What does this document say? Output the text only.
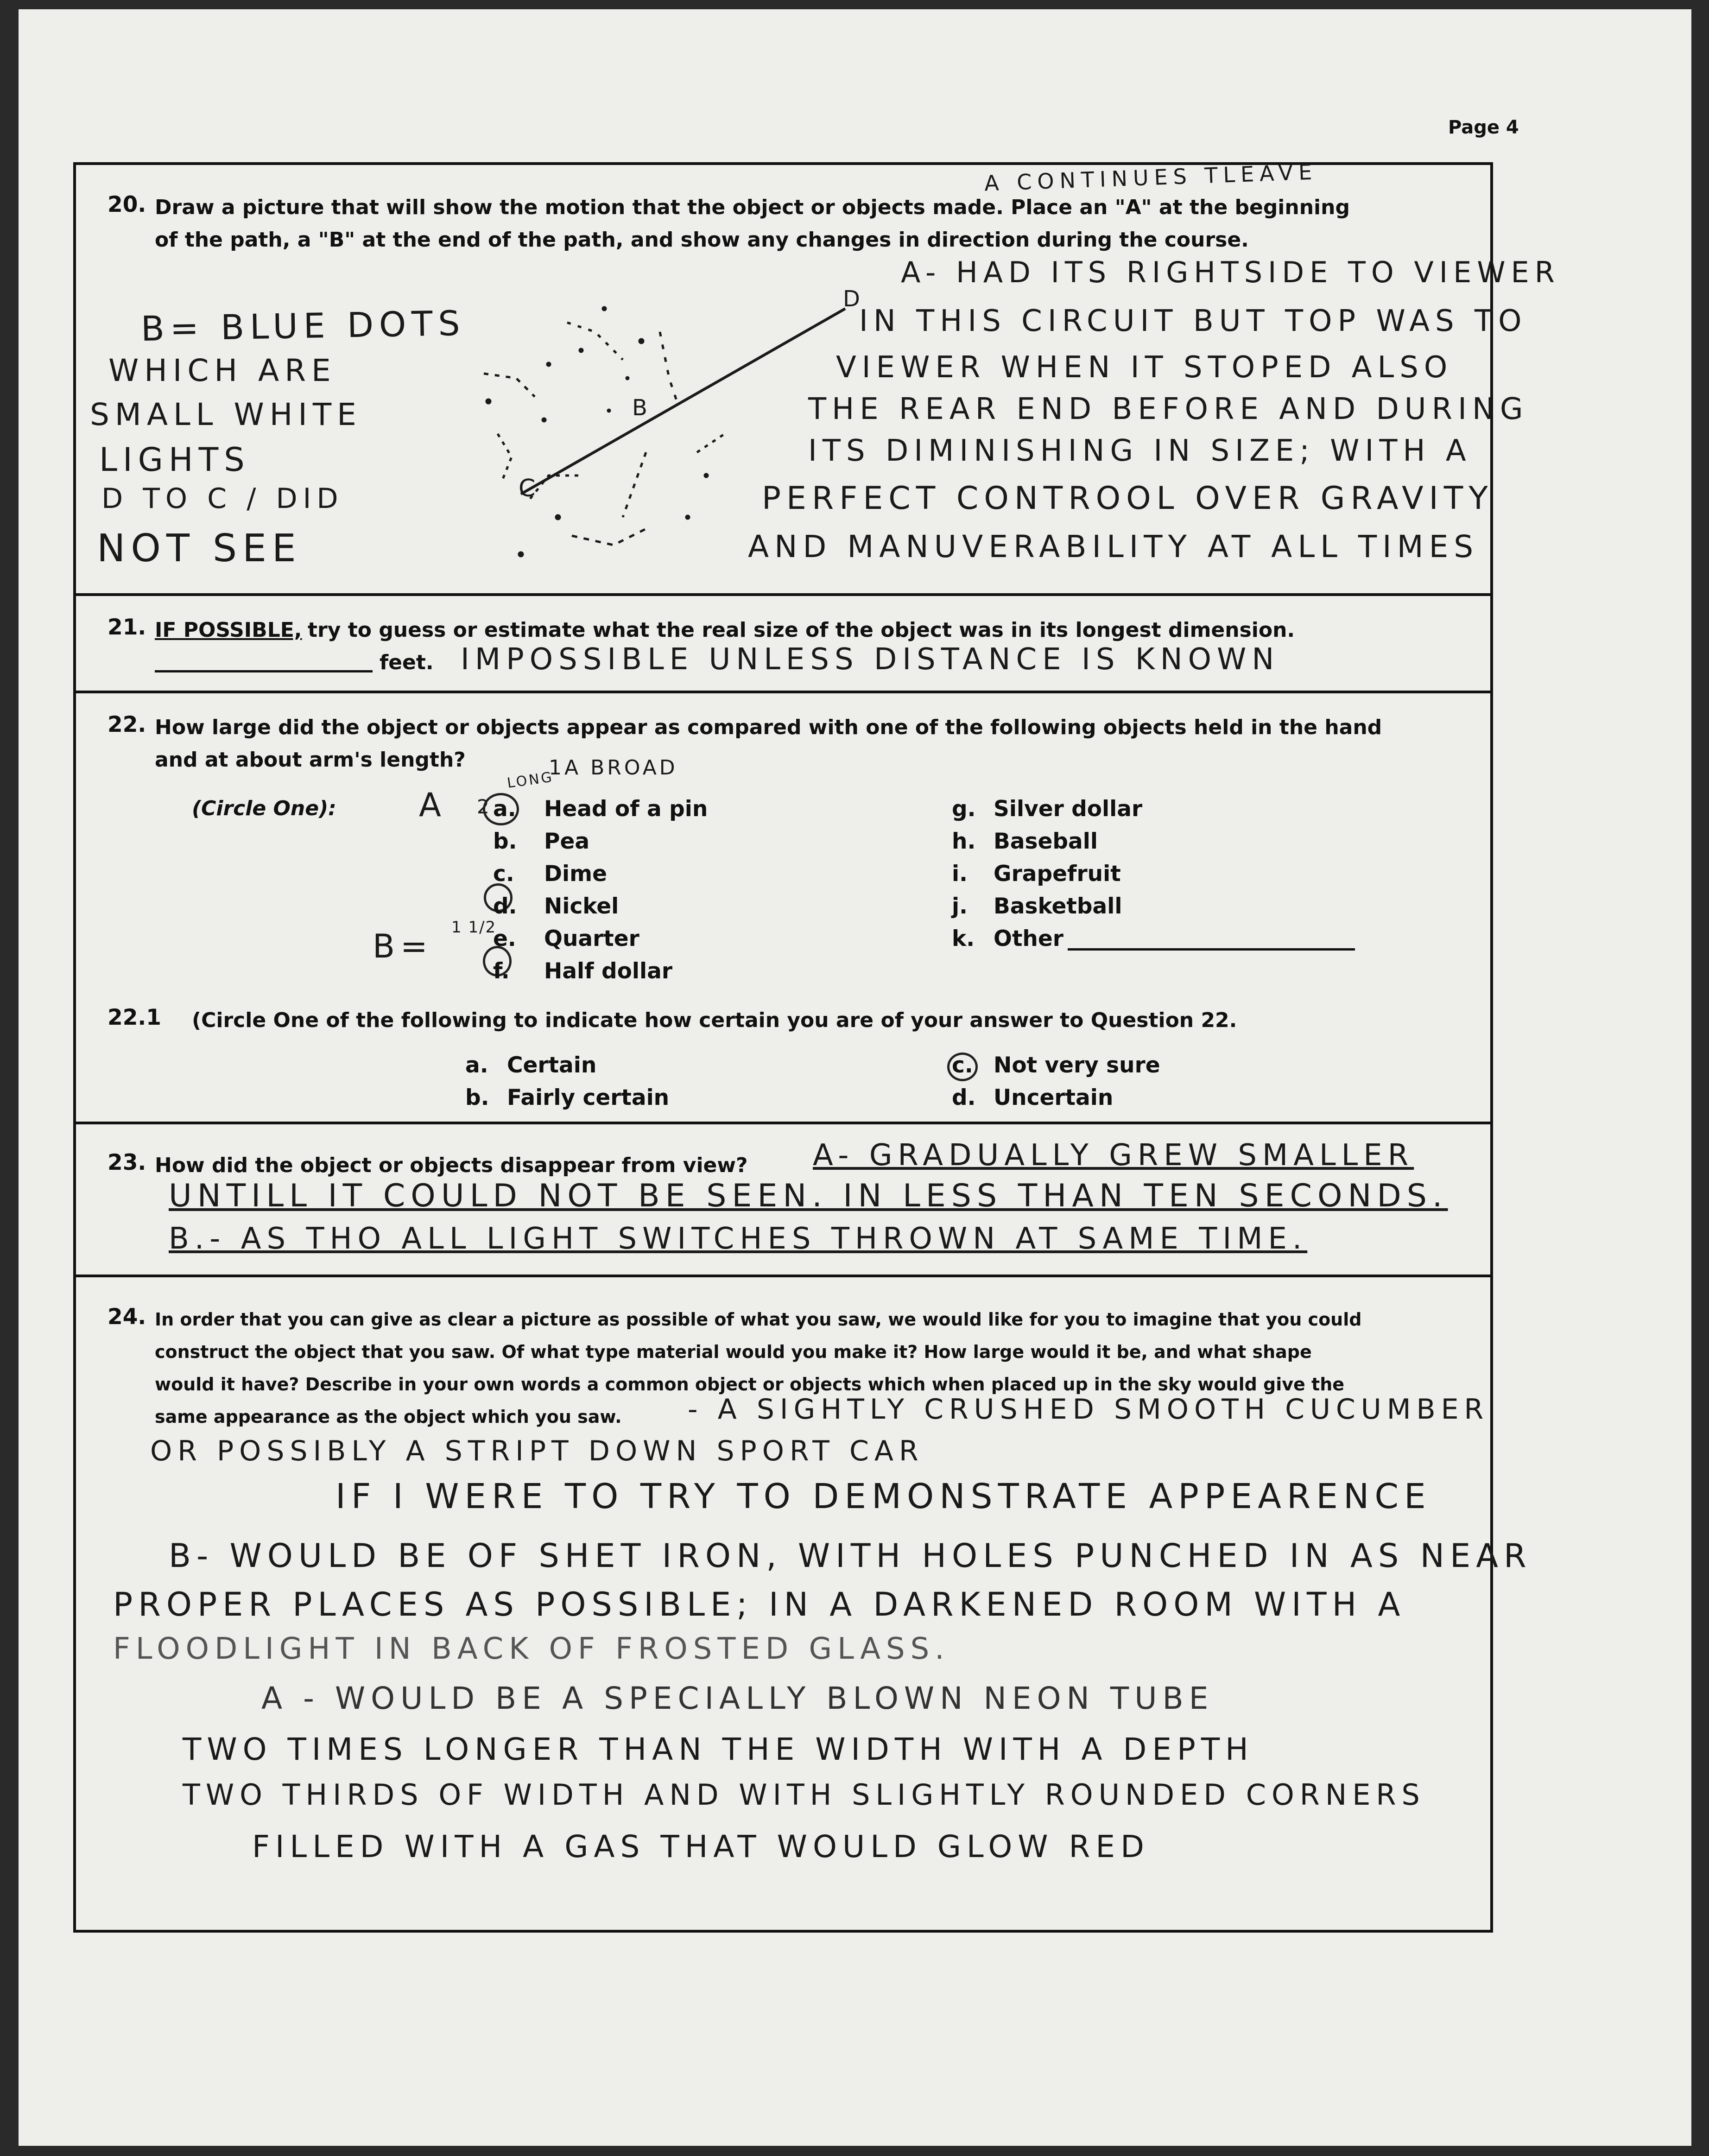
Page 4
20. Draw a picture that will show the motion that the object or objects made. Place an "A" at the beginning
of the path, a "B" at the end of the path, and show any changes in direction during the course.
A CONTINUES TLEAVE
B= BLUE DOTS
WHICH ARE
SMALL WHITE
LIGHTS
D TO C / DID
NOT SEE
D
B
C
A- HAD ITS RIGHTSIDE TO VIEWER
IN THIS CIRCUIT BUT TOP WAS TO
VIEWER WHEN IT STOPED ALSO
THE REAR END BEFORE AND DURING
ITS DIMINISHING IN SIZE; WITH A
PERFECT CONTROOL OVER GRAVITY
AND MANUVERABILITY AT ALL TIMES
21. IF POSSIBLE, try to guess or estimate what the real size of the object was in its longest dimension.
feet. IMPOSSIBLE UNLESS DISTANCE IS KNOWN
22. How large did the object or objects appear as compared with one of the following objects held in the hand
and at about arm's length?
(Circle One):	A
LONG
1A BROAD
2
B= 1 1/2
a. Head of a pin
b. Pea
c. Dime
d. Nickel
e. Quarter
f. Half dollar
g. Silver dollar
h. Baseball
i. Grapefruit
j. Basketball
k. Other
22.1 (Circle One of the following to indicate how certain you are of your answer to Question 22.
a. Certain
b. Fairly certain
c. Not very sure
d. Uncertain
23. How did the object or objects disappear from view? A- GRADUALLY GREW SMALLER
UNTILL IT COULD NOT BE SEEN. IN LESS THAN TEN SECONDS.
B.- AS THO ALL LIGHT SWITCHES THROWN AT SAME TIME.
24. In order that you can give as clear a picture as possible of what you saw, we would like for you to imagine that you could
construct the object that you saw. Of what type material would you make it? How large would it be, and what shape
would it have? Describe in your own words a common object or objects which when placed up in the sky would give the
same appearance as the object which you saw. - A SIGHTLY CRUSHED SMOOTH CUCUMBER
OR POSSIBLY A STRIPT DOWN SPORT CAR
IF I WERE TO TRY TO DEMONSTRATE APPEARENCE
B- WOULD BE OF SHET IRON, WITH HOLES PUNCHED IN AS NEAR
PROPER PLACES AS POSSIBLE; IN A DARKENED ROOM WITH A
FLOODLIGHT IN BACK OF FROSTED GLASS.
A - WOULD BE A SPECIALLY BLOWN NEON TUBE
TWO TIMES LONGER THAN THE WIDTH WITH A DEPTH
TWO THIRDS OF WIDTH AND WITH SLIGHTLY ROUNDED CORNERS
FILLED WITH A GAS THAT WOULD GLOW RED
